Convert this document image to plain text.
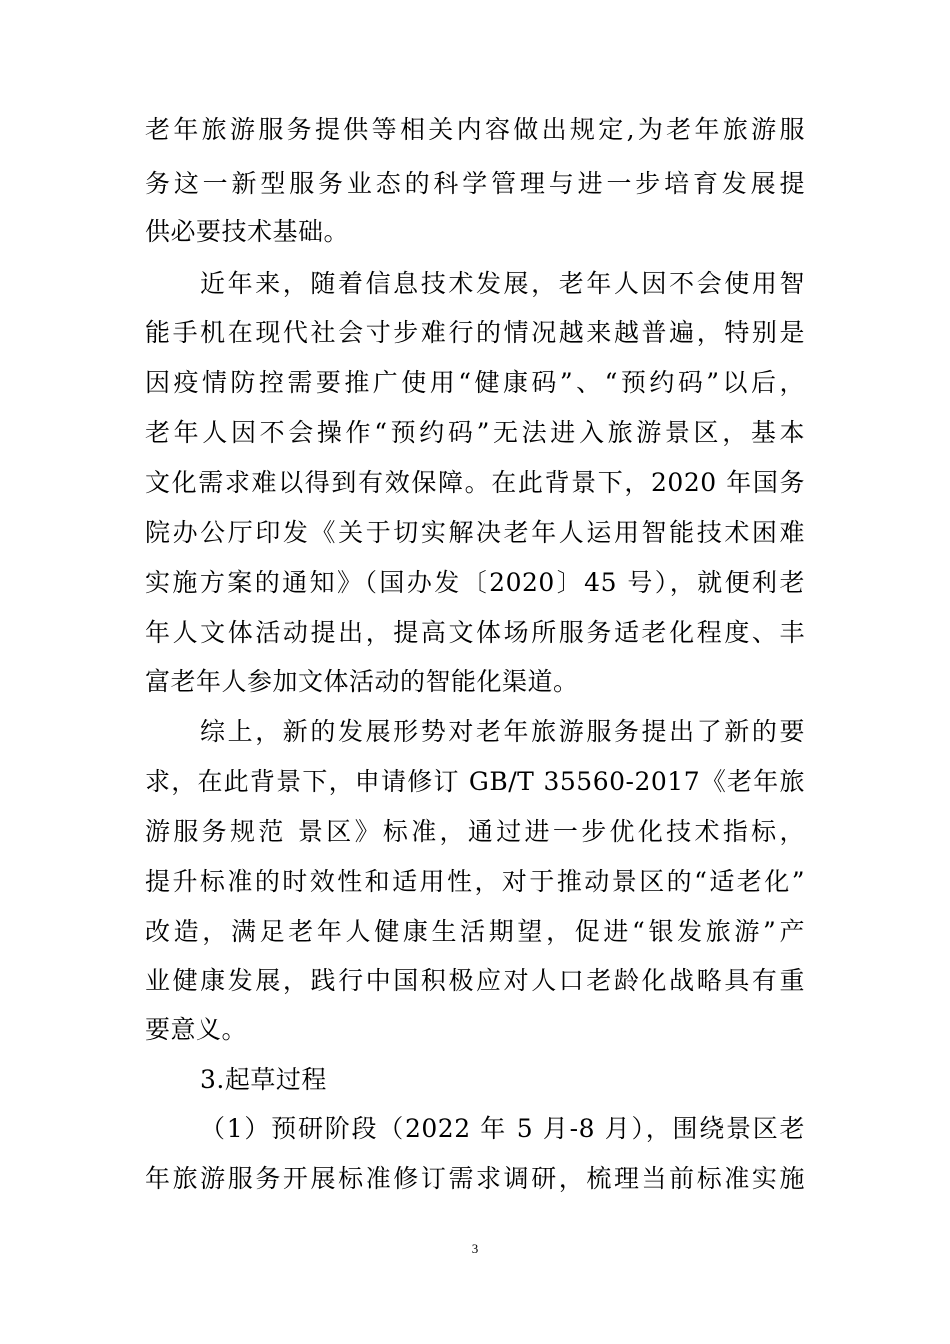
老年旅游服务提供等相关内容做出规定,为老年旅游服
务这一新型服务业态的科学管理与进一步培育发展提
供必要技术基础。
近年来，随着信息技术发展，老年人因不会使用智
能手机在现代社会寸步难行的情况越来越普遍，特别是
因疫情防控需要推广使用“健康码”、“预约码”以后，
老年人因不会操作“预约码”无法进入旅游景区，基本
文化需求难以得到有效保障。在此背景下，2020 年国务
院办公厅印发《关于切实解决老年人运用智能技术困难
实施方案的通知》（国办发〔2020〕45 号），就便利老
年人文体活动提出，提高文体场所服务适老化程度、丰
富老年人参加文体活动的智能化渠道。
综上，新的发展形势对老年旅游服务提出了新的要
求，在此背景下，申请修订 GB/T 35560-2017《老年旅
游服务规范 景区》标准，通过进一步优化技术指标，
提升标准的时效性和适用性，对于推动景区的“适老化”
改造，满足老年人健康生活期望，促进“银发旅游”产
业健康发展，践行中国积极应对人口老龄化战略具有重
要意义。
3.起草过程
（1）预研阶段（2022 年 5 月-8 月），围绕景区老
年旅游服务开展标准修订需求调研，梳理当前标准实施
3
